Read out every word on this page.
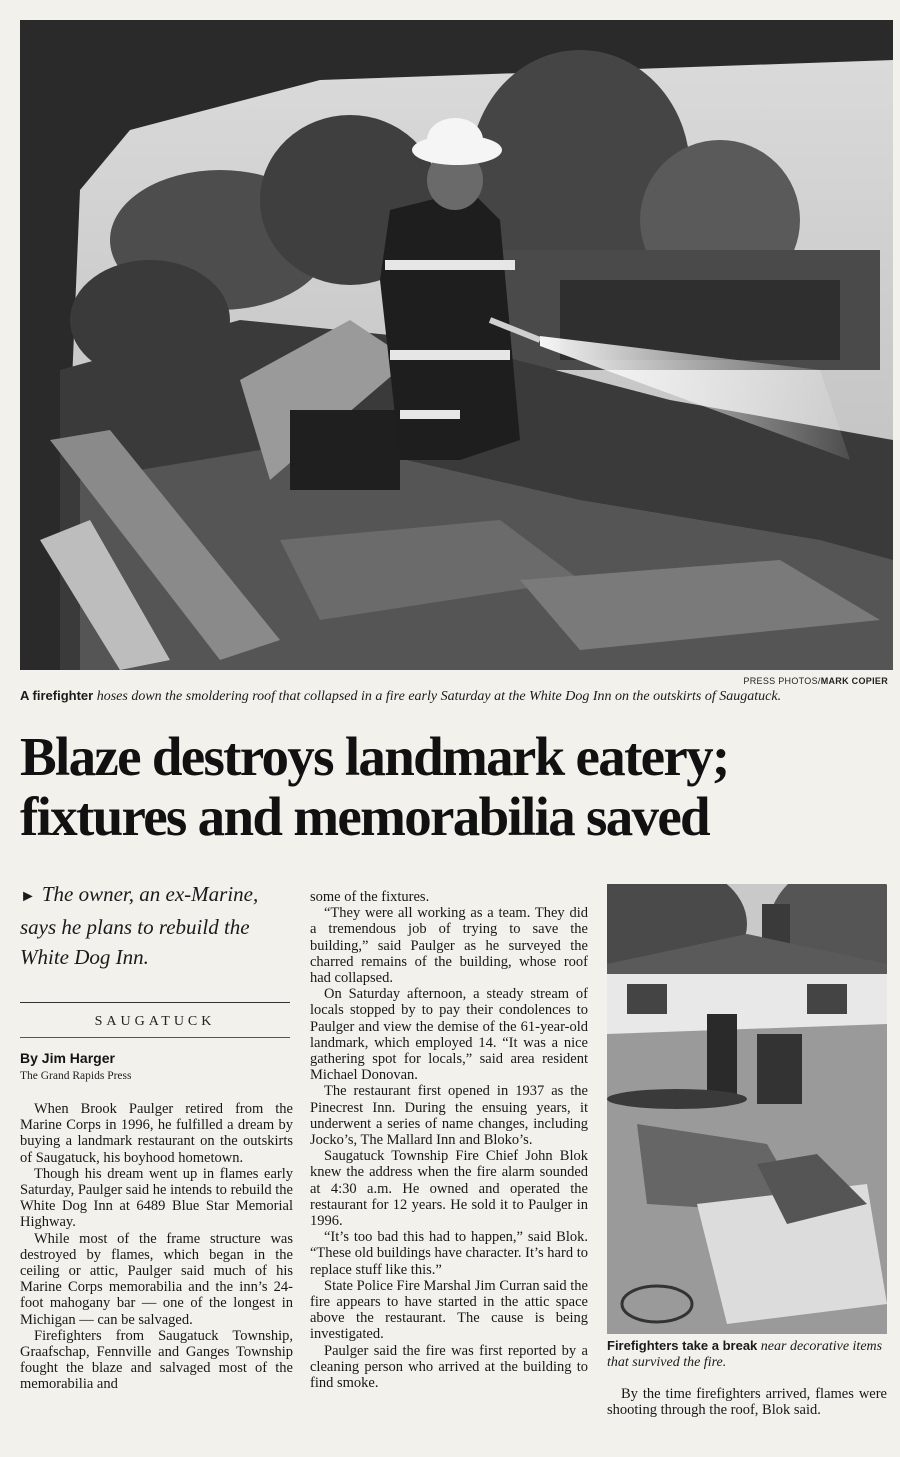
PRESS PHOTOS/MARK COPIER
A firefighter hoses down the smoldering roof that collapsed in a fire early Saturday at the White Dog Inn on the outskirts of Saugatuck.
Blaze destroys landmark eatery;
fixtures and memorabilia saved
► The owner, an ex-Marine, says he plans to rebuild the White Dog Inn.
SAUGATUCK
By Jim Harger
The Grand Rapids Press

When Brook Paulger retired from the Marine Corps in 1996, he fulfilled a dream by buying a landmark restaurant on the outskirts of Saugatuck, his boyhood hometown.

Though his dream went up in flames early Saturday, Paulger said he intends to rebuild the White Dog Inn at 6489 Blue Star Memorial Highway.

While most of the frame structure was destroyed by flames, which began in the ceiling or attic, Paulger said much of his Marine Corps memorabilia and the inn’s 24-foot mahogany bar — one of the longest in Michigan — can be salvaged.

Firefighters from Saugatuck Township, Graafschap, Fennville and Ganges Township fought the blaze and salvaged most of the memorabilia and

some of the fixtures.

“They were all working as a team. They did a tremendous job of trying to save the building,” said Paulger as he surveyed the charred remains of the building, whose roof had collapsed.

On Saturday afternoon, a steady stream of locals stopped by to pay their condolences to Paulger and view the demise of the 61-year-old landmark, which employed 14. “It was a nice gathering spot for locals,” said area resident Michael Donovan.

The restaurant first opened in 1937 as the Pinecrest Inn. During the ensuing years, it underwent a series of name changes, including Jocko’s, The Mallard Inn and Bloko’s.

Saugatuck Township Fire Chief John Blok knew the address when the fire alarm sounded at 4:30 a.m. He owned and operated the restaurant for 12 years. He sold it to Paulger in 1996.

“It’s too bad this had to happen,” said Blok. “These old buildings have character. It’s hard to replace stuff like this.”

State Police Fire Marshal Jim Curran said the fire appears to have started in the attic space above the restaurant. The cause is being investigated.

Paulger said the fire was first reported by a cleaning person who arrived at the building to find smoke.

Firefighters take a break near decorative items that survived the fire.

By the time firefighters arrived, flames were shooting through the roof, Blok said.
